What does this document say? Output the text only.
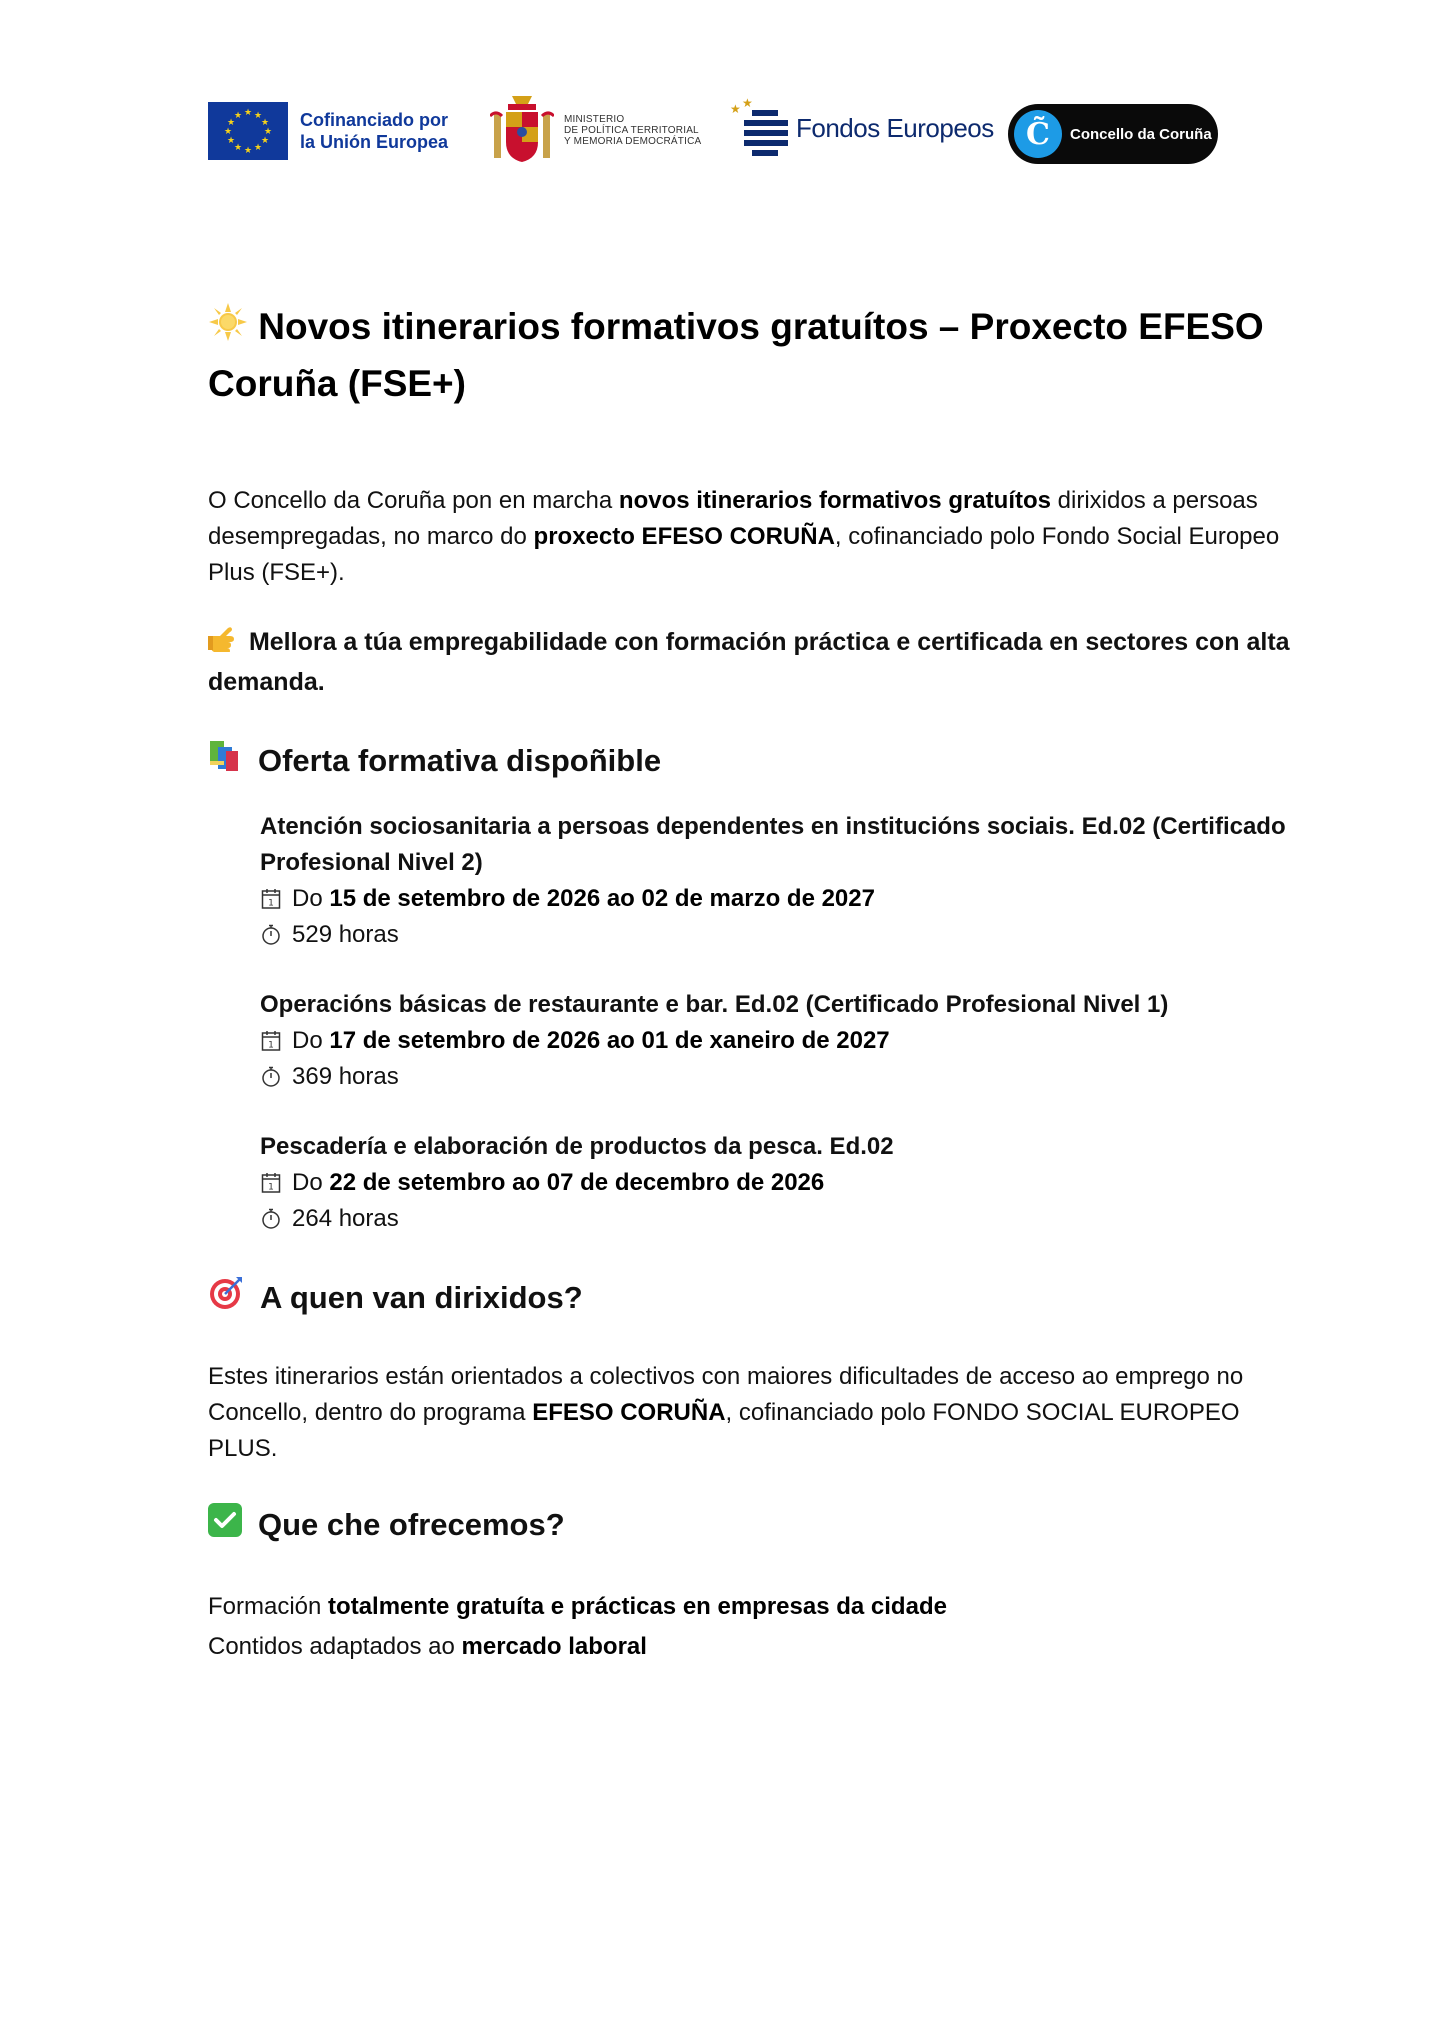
★ ★
★
★
★
★
★
★
★
★
★
★	Cofinanciado por
la Unión Europea
MINISTERIO
DE POLÍTICA TERRITORIAL
Y MEMORIA DEMOCRÁTICA
★ ★
Fondos Europeos	C̃	Concello da Coruña
Novos itinerarios formativos gratuítos – Proxecto EFESO Coruña (FSE+)

O Concello da Coruña pon en marcha novos itinerarios formativos gratuítos dirixidos a persoas desempregadas, no marco do proxecto EFESO CORUÑA, cofinanciado polo Fondo Social Europeo Plus (FSE+).

Mellora a túa empregabilidade con formación práctica e certificada en sectores con alta demanda.

Oferta formativa dispoñible
Atención sociosanitaria a persoas dependentes en institucións sociais. Ed.02 (Certificado Profesional Nivel 2)
1 Do 15 de setembro de 2026 ao 02 de marzo de 2027
529 horas
Operacións básicas de restaurante e bar. Ed.02 (Certificado Profesional Nivel 1)
1 Do 17 de setembro de 2026 ao 01 de xaneiro de 2027
369 horas
Pescadería e elaboración de productos da pesca. Ed.02
1 Do 22 de setembro ao 07 de decembro de 2026
264 horas
A quen van dirixidos?

Estes itinerarios están orientados a colectivos con maiores dificultades de acceso ao emprego no Concello, dentro do programa EFESO CORUÑA, cofinanciado polo FONDO SOCIAL EUROPEO PLUS.

Que che ofrecemos?

Formación totalmente gratuíta e prácticas en empresas da cidade

Contidos adaptados ao mercado laboral
